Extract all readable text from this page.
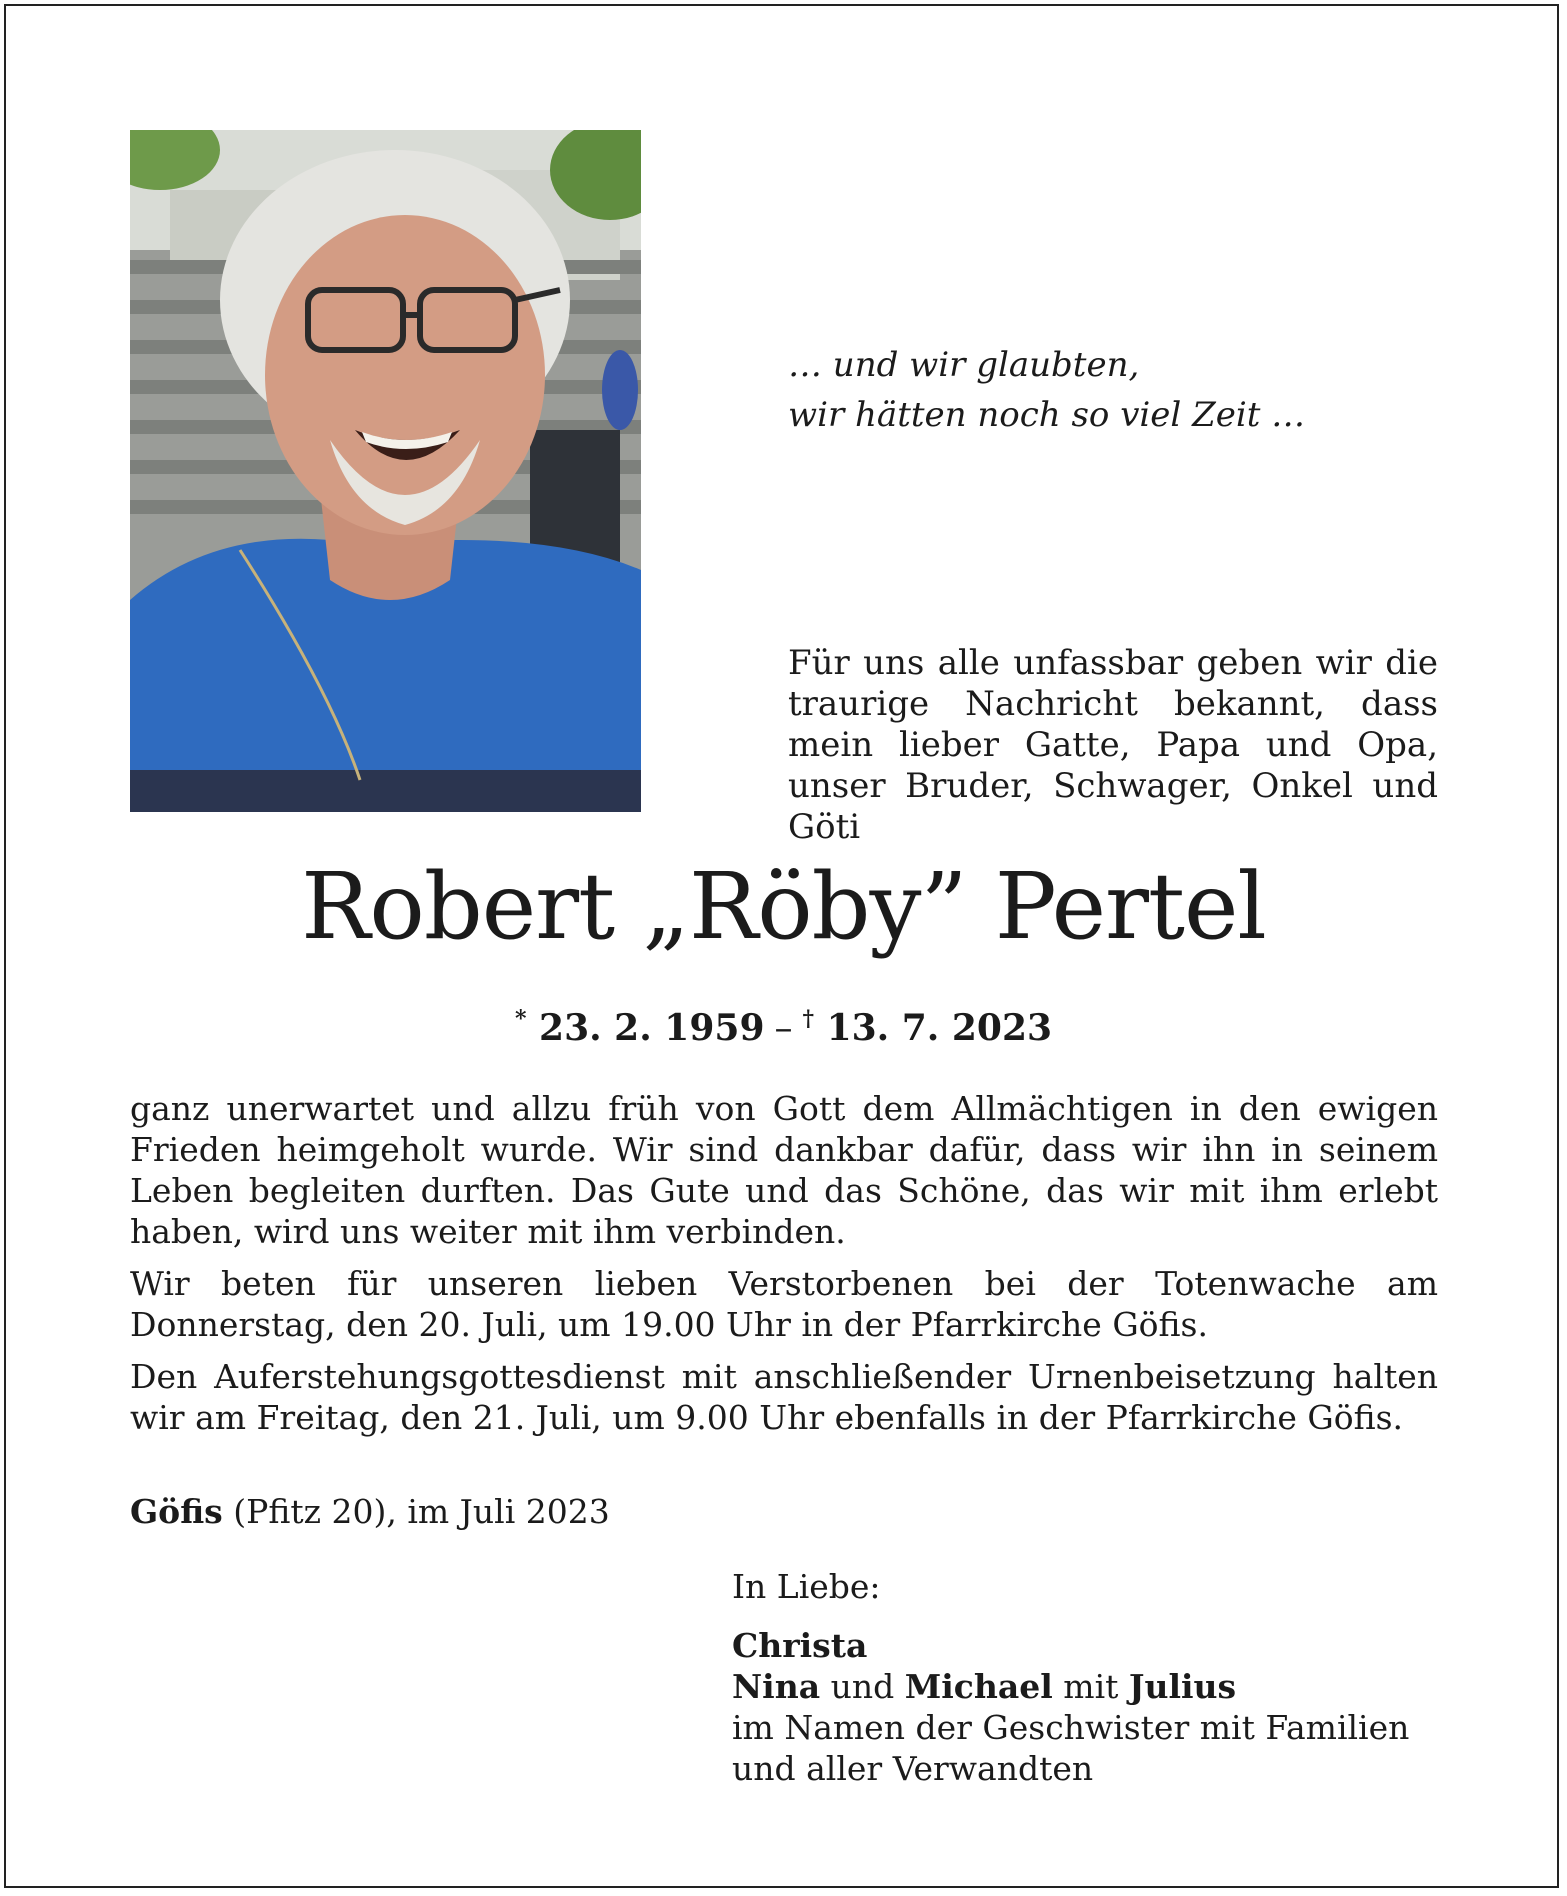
… und wir glaubten,
wir hätten noch so viel Zeit …
Für uns alle unfassbar geben wir die traurige Nachricht bekannt, dass mein lieber Gatte, Papa und Opa, unser Bruder, Schwager, Onkel und Göti
Robert „Röby” Pertel
* 23. 2. 1959 – † 13. 7. 2023

ganz unerwartet und allzu früh von Gott dem Allmächtigen in den ewigen Frieden heimgeholt wurde. Wir sind dankbar dafür, dass wir ihn in seinem Leben begleiten durften. Das Gute und das Schöne, das wir mit ihm erlebt haben, wird uns weiter mit ihm verbinden.

Wir beten für unseren lieben Verstorbenen bei der Totenwache am Donnerstag, den 20. Juli, um 19.00 Uhr in der Pfarrkirche Göfis.

Den Auferstehungsgottesdienst mit anschließender Urnenbeisetzung halten wir am Freitag, den 21. Juli, um 9.00 Uhr ebenfalls in der Pfarrkirche Göfis.

Göfis (Pfitz 20), im Juli 2023
In Liebe:
Christa
Nina und Michael mit Julius
im Namen der Geschwister mit Familien
und aller Verwandten
